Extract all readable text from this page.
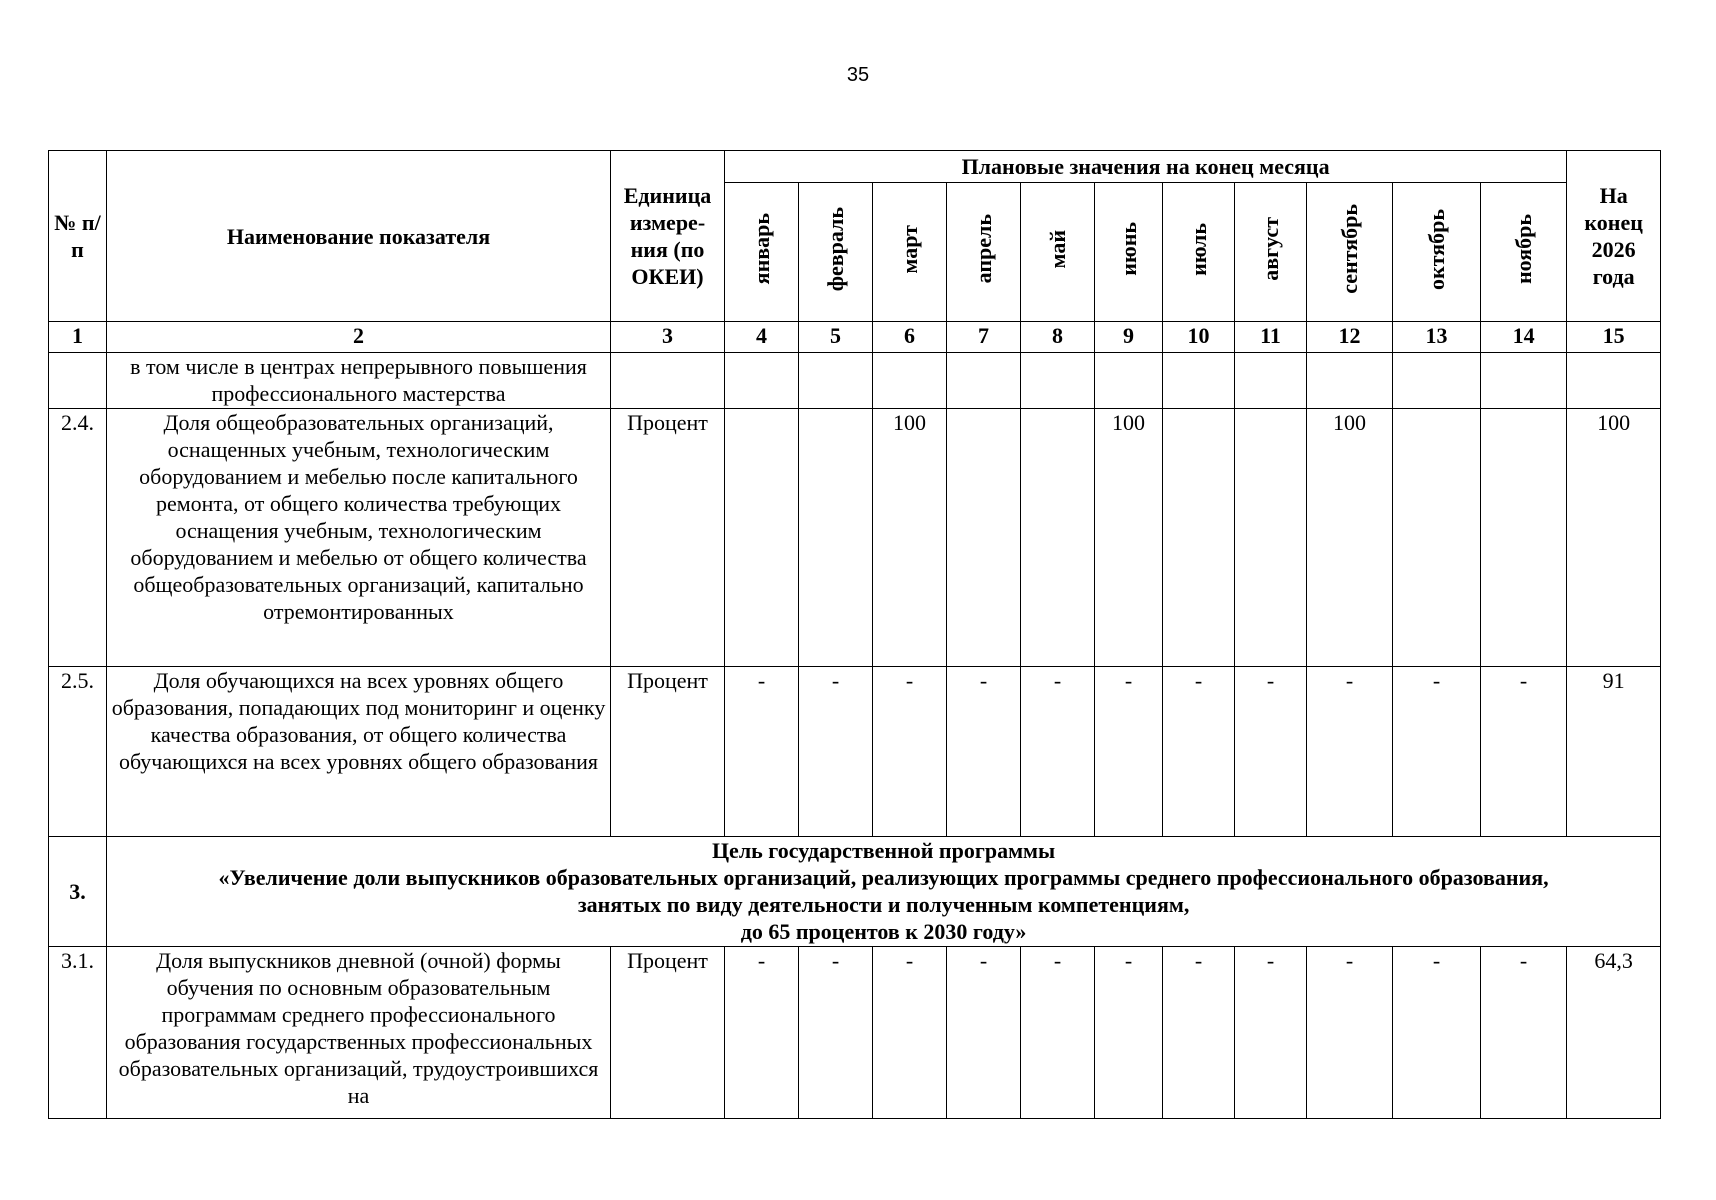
35
№ п/п	Наименование показателя	Единица измере-ния (по ОКЕИ)	Плановые значения на конец месяца											На конец 2026 года
			январь	февраль	март	апрель	май	июнь	июль	август	сентябрь	октябрь	ноябрь	
1	2	3	4	5	6	7	8	9	10	11	12	13	14	15
	в том числе в центрах непрерывного повышения профессионального мастерства													
2.4.	Доля общеобразовательных организаций, оснащенных учебным, технологическим оборудованием и мебелью после капитального ремонта, от общего количества требующих оснащения учебным, технологическим оборудованием и мебелью от общего количества общеобразовательных организаций, капитально отремонтированных	Процент			100			100			100			100
2.5.	Доля обучающихся на всех уровнях общего образования, попадающих под мониторинг и оценку качества образования, от общего количества обучающихся на всех уровнях общего образования	Процент	-	-	-	-	-	-	-	-	-	-	-	91
3.	Цель государственной программы
«Увеличение доли выпускников образовательных организаций, реализующих программы среднего профессионального образования,
занятых по виду деятельности и полученным компетенциям,
до 65 процентов к 2030 году»													

3.1.	Доля выпускников дневной (очной) формы обучения по основным образовательным программам среднего профессионального образования государственных профессиональных образовательных организаций, трудоустроившихся на	Процент	-	-	-	-	-	-	-	-	-	-	-	64,3
